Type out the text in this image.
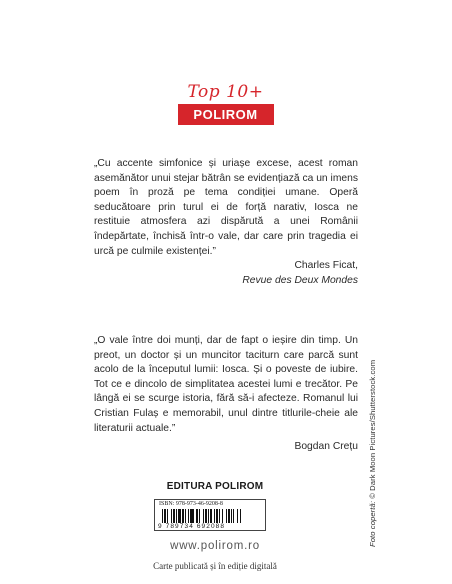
Top 10+
POLIROM

„Cu accente simfonice și uriașe excese, acest roman asemănător unui stejar bătrân se evidențiază ca un imens poem în proză pe tema condiției umane. Operă seducătoare prin turul ei de forță narativ, Iosca ne restituie atmosfera azi dispărută a unei Românii îndepărtate, închisă într-o vale, dar care prin tragedia ei urcă pe culmile existenței.”

Charles Ficat,
Revue des Deux Mondes

„O vale între doi munți, dar de fapt o ieșire din timp. Un preot, un doctor și un muncitor taciturn care parcă sunt acolo de la începutul lumii: Iosca. Și o poveste de iubire. Tot ce e dincolo de simplitatea acestei lumi e trecător. Pe lângă ei se scurge istoria, fără să-i afecteze. Romanul lui Cristian Fulaș e memorabil, unul dintre titlurile-cheie ale literaturii actuale.”

Bogdan Crețu
EDITURA POLIROM
ISBN: 978-973-46-9208-8
9 789734 692088
www.polirom.ro
Carte publicată și în ediție digitală
Foto copertă: © Dark Moon Pictures/Shutterstock.com
